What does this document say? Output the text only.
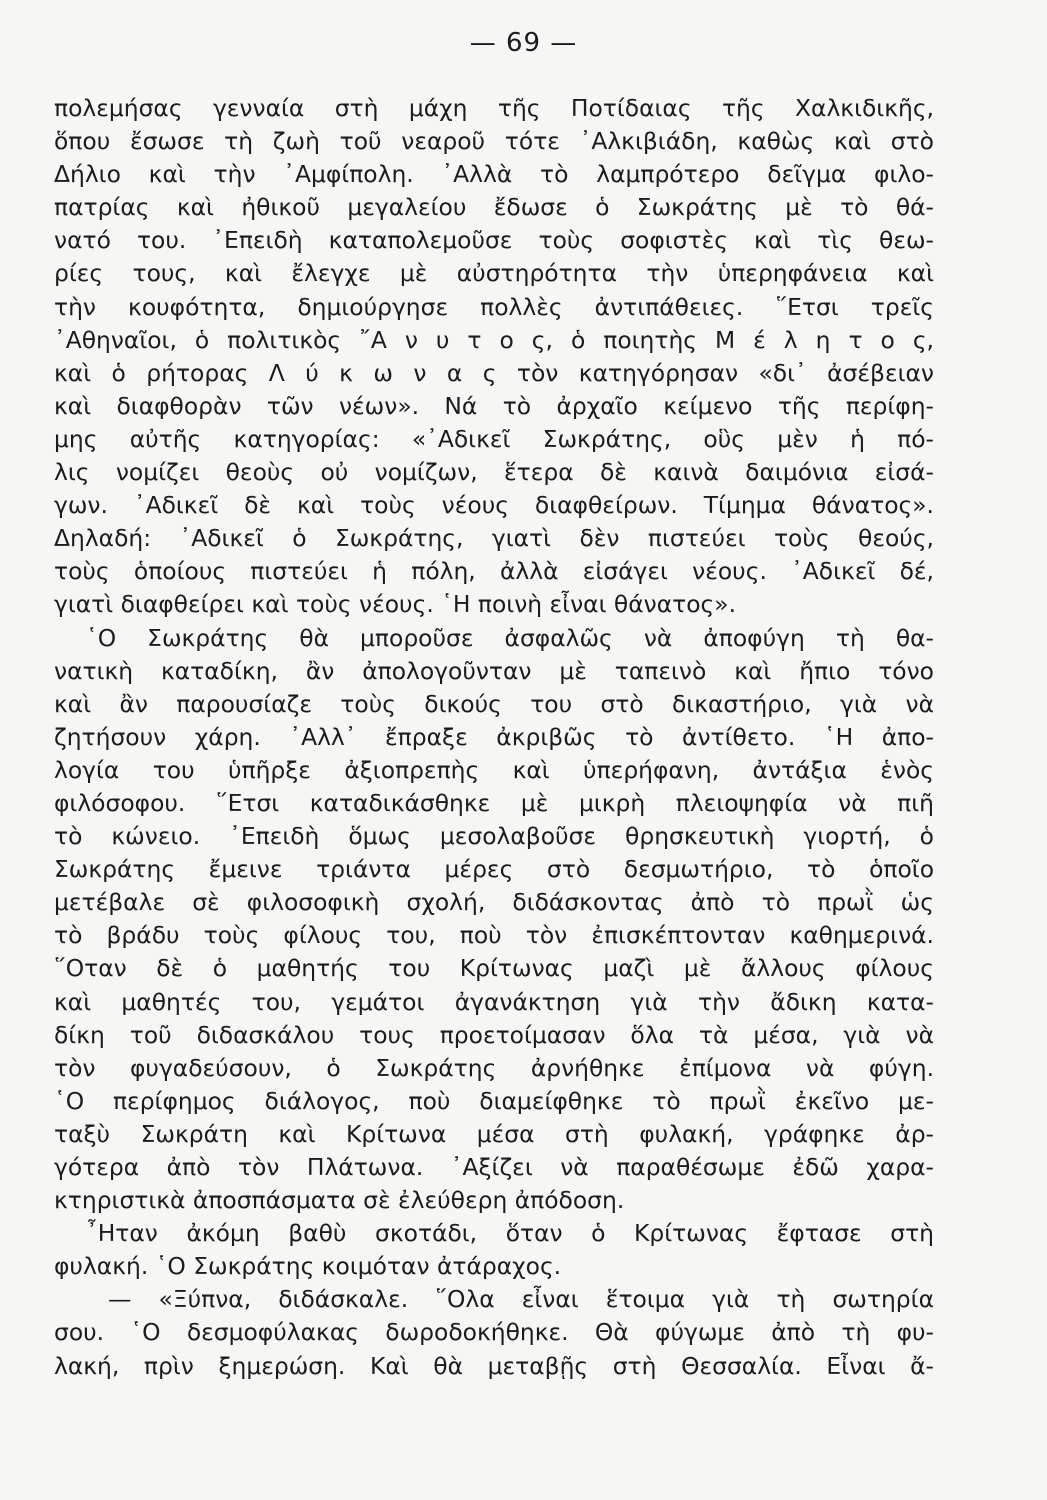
— 69 —
πολεμήσας γενναία στὴ μάχη τῆς Ποτίδαιας τῆς Χαλκιδικῆς,
ὅπου ἔσωσε τὴ ζωὴ τοῦ νεαροῦ τότε ᾿Αλκιβιάδη, καθὼς καὶ στὸ
Δήλιο καὶ τὴν ᾿Αμφίπολη. ᾿Αλλὰ τὸ λαμπρότερο δεῖγμα φιλο-
πατρίας καὶ ἠθικοῦ μεγαλείου ἔδωσε ὁ Σωκράτης μὲ τὸ θά-
νατό του. ᾿Επειδὴ καταπολεμοῦσε τοὺς σοφιστὲς καὶ τὶς θεω-
ρίες τους, καὶ ἔλεγχε μὲ αὐστηρότητα τὴν ὑπερηφάνεια καὶ
τὴν κουφότητα, δημιούργησε πολλὲς ἀντιπάθειες. ῞Ετσι τρεῖς
᾿Αθηναῖοι, ὁ πολιτικὸς ῎Α ν υ τ ο ς, ὁ ποιητὴς Μ έ λ η τ ο ς,
καὶ ὁ ρήτορας Λ ύ κ ω ν α ς τὸν κατηγόρησαν «δι᾿ ἀσέβειαν
καὶ διαφθορὰν τῶν νέων». Νά τὸ ἀρχαῖο κείμενο τῆς περίφη-
μης αὐτῆς κατηγορίας: «᾿Αδικεῖ Σωκράτης, οὓς μὲν ἡ πό-
λις νομίζει θεοὺς οὐ νομίζων, ἕτερα δὲ καινὰ δαιμόνια εἰσά-
γων. ᾿Αδικεῖ δὲ καὶ τοὺς νέους διαφθείρων. Τίμημα θάνατος».
Δηλαδή: ᾿Αδικεῖ ὁ Σωκράτης, γιατὶ δὲν πιστεύει τοὺς θεούς,
τοὺς ὁποίους πιστεύει ἡ πόλη, ἀλλὰ εἰσάγει νέους. ᾿Αδικεῖ δέ,
γιατὶ διαφθείρει καὶ τοὺς νέους. ῾Η ποινὴ εἶναι θάνατος».
῾Ο Σωκράτης θὰ μποροῦσε ἀσφαλῶς νὰ ἀποφύγη τὴ θα-
νατικὴ καταδίκη, ἂν ἀπολογοῦνταν μὲ ταπεινὸ καὶ ἤπιο τόνο
καὶ ἂν παρουσίαζε τοὺς δικούς του στὸ δικαστήριο, γιὰ νὰ
ζητήσουν χάρη. ᾿Αλλ᾿ ἔπραξε ἀκριβῶς τὸ ἀντίθετο. ῾Η ἀπο-
λογία του ὑπῆρξε ἀξιοπρεπὴς καὶ ὑπερήφανη, ἀντάξια ἑνὸς
φιλόσοφου. ῞Ετσι καταδικάσθηκε μὲ μικρὴ πλειοψηφία νὰ πιῆ
τὸ κώνειο. ᾿Επειδὴ ὅμως μεσολαβοῦσε θρησκευτικὴ γιορτή, ὁ
Σωκράτης ἔμεινε τριάντα μέρες στὸ δεσμωτήριο, τὸ ὁποῖο
μετέβαλε σὲ φιλοσοφικὴ σχολή, διδάσκοντας ἀπὸ τὸ πρωῒ ὡς
τὸ βράδυ τοὺς φίλους του, ποὺ τὸν ἐπισκέπτονταν καθημερινά.
῞Οταν δὲ ὁ μαθητής του Κρίτωνας μαζὶ μὲ ἄλλους φίλους
καὶ μαθητές του, γεμάτοι ἀγανάκτηση γιὰ τὴν ἄδικη κατα-
δίκη τοῦ διδασκάλου τους προετοίμασαν ὅλα τὰ μέσα, γιὰ νὰ
τὸν φυγαδεύσουν, ὁ Σωκράτης ἀρνήθηκε ἐπίμονα νὰ φύγη.
῾Ο περίφημος διάλογος, ποὺ διαμείφθηκε τὸ πρωῒ ἐκεῖνο με-
ταξὺ Σωκράτη καὶ Κρίτωνα μέσα στὴ φυλακή, γράφηκε ἀρ-
γότερα ἀπὸ τὸν Πλάτωνα. ᾿Αξίζει νὰ παραθέσωμε ἐδῶ χαρα-
κτηριστικὰ ἀποσπάσματα σὲ ἐλεύθερη ἀπόδοση.
῏Ηταν ἀκόμη βαθὺ σκοτάδι, ὅταν ὁ Κρίτωνας ἔφτασε στὴ
φυλακή. ῾Ο Σωκράτης κοιμόταν ἀτάραχος.
— «Ξύπνα, διδάσκαλε. ῞Ολα εἶναι ἕτοιμα γιὰ τὴ σωτηρία
σου. ῾Ο δεσμοφύλακας δωροδοκήθηκε. Θὰ φύγωμε ἀπὸ τὴ φυ-
λακή, πρὶν ξημερώση. Καὶ θὰ μεταβῇς στὴ Θεσσαλία. Εἶναι ἄ-
